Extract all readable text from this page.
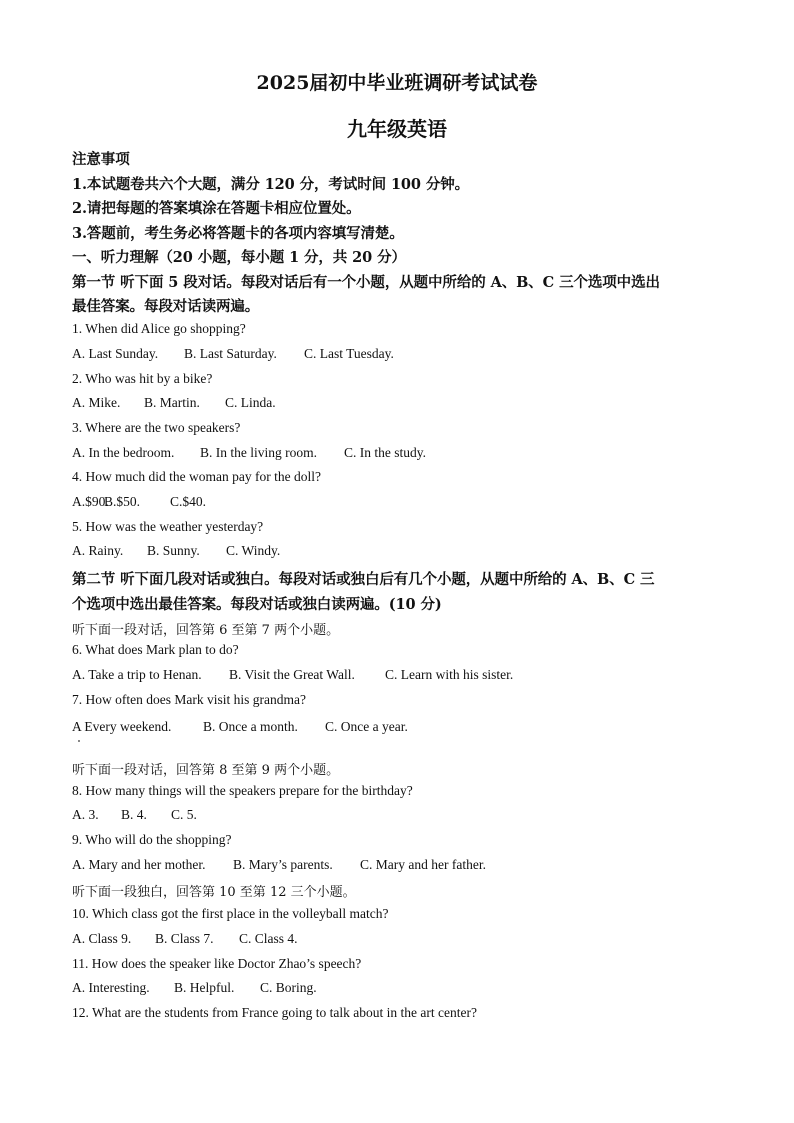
2025届初中毕业班调研考试试卷
九年级英语
注意事项
1.本试题卷共六个大题，满分 120 分，考试时间 100 分钟。
2.请把每题的答案填涂在答题卡相应位置处。
3.答题前，考生务必将答题卡的各项内容填写清楚。
一、听力理解（20 小题，每小题 1 分，共 20 分）
第一节 听下面 5 段对话。每段对话后有一个小题，从题中所给的 A、B、C 三个选项中选出
最佳答案。每段对话读两遍。
1. When did Alice go shopping?
A. Last Sunday. B. Last Saturday. C. Last Tuesday.
2. Who was hit by a bike?
A. Mike. B. Martin. C. Linda.
3. Where are the two speakers?
A. In the bedroom. B. In the living room. C. In the study.
4. How much did the woman pay for the doll?
A.$90.B.$50. C.$40.
5. How was the weather yesterday?
A. Rainy. B. Sunny. C. Windy.
第二节 听下面几段对话或独白。每段对话或独白后有几个小题，从题中所给的 A、B、C 三
个选项中选出最佳答案。每段对话或独白读两遍。(10 分)
听下面一段对话，回答第 6 至第 7 两个小题。
6. What does Mark plan to do?
A. Take a trip to Henan. B. Visit the Great Wall. C. Learn with his sister.
7. How often does Mark visit his grandma?
A Every weekend. B. Once a month. C. Once a year.
听下面一段对话，回答第 8 至第 9 两个小题。
8. How many things will the speakers prepare for the birthday?
A. 3. B. 4. C. 5.
9. Who will do the shopping?
A. Mary and her mother. B. Mary’s parents. C. Mary and her father.
听下面一段独白，回答第 10 至第 12 三个小题。
10. Which class got the first place in the volleyball match?
A. Class 9. B. Class 7. C. Class 4.
11. How does the speaker like Doctor Zhao’s speech?
A. Interesting. B. Helpful. C. Boring.
12. What are the students from France going to talk about in the art center?
